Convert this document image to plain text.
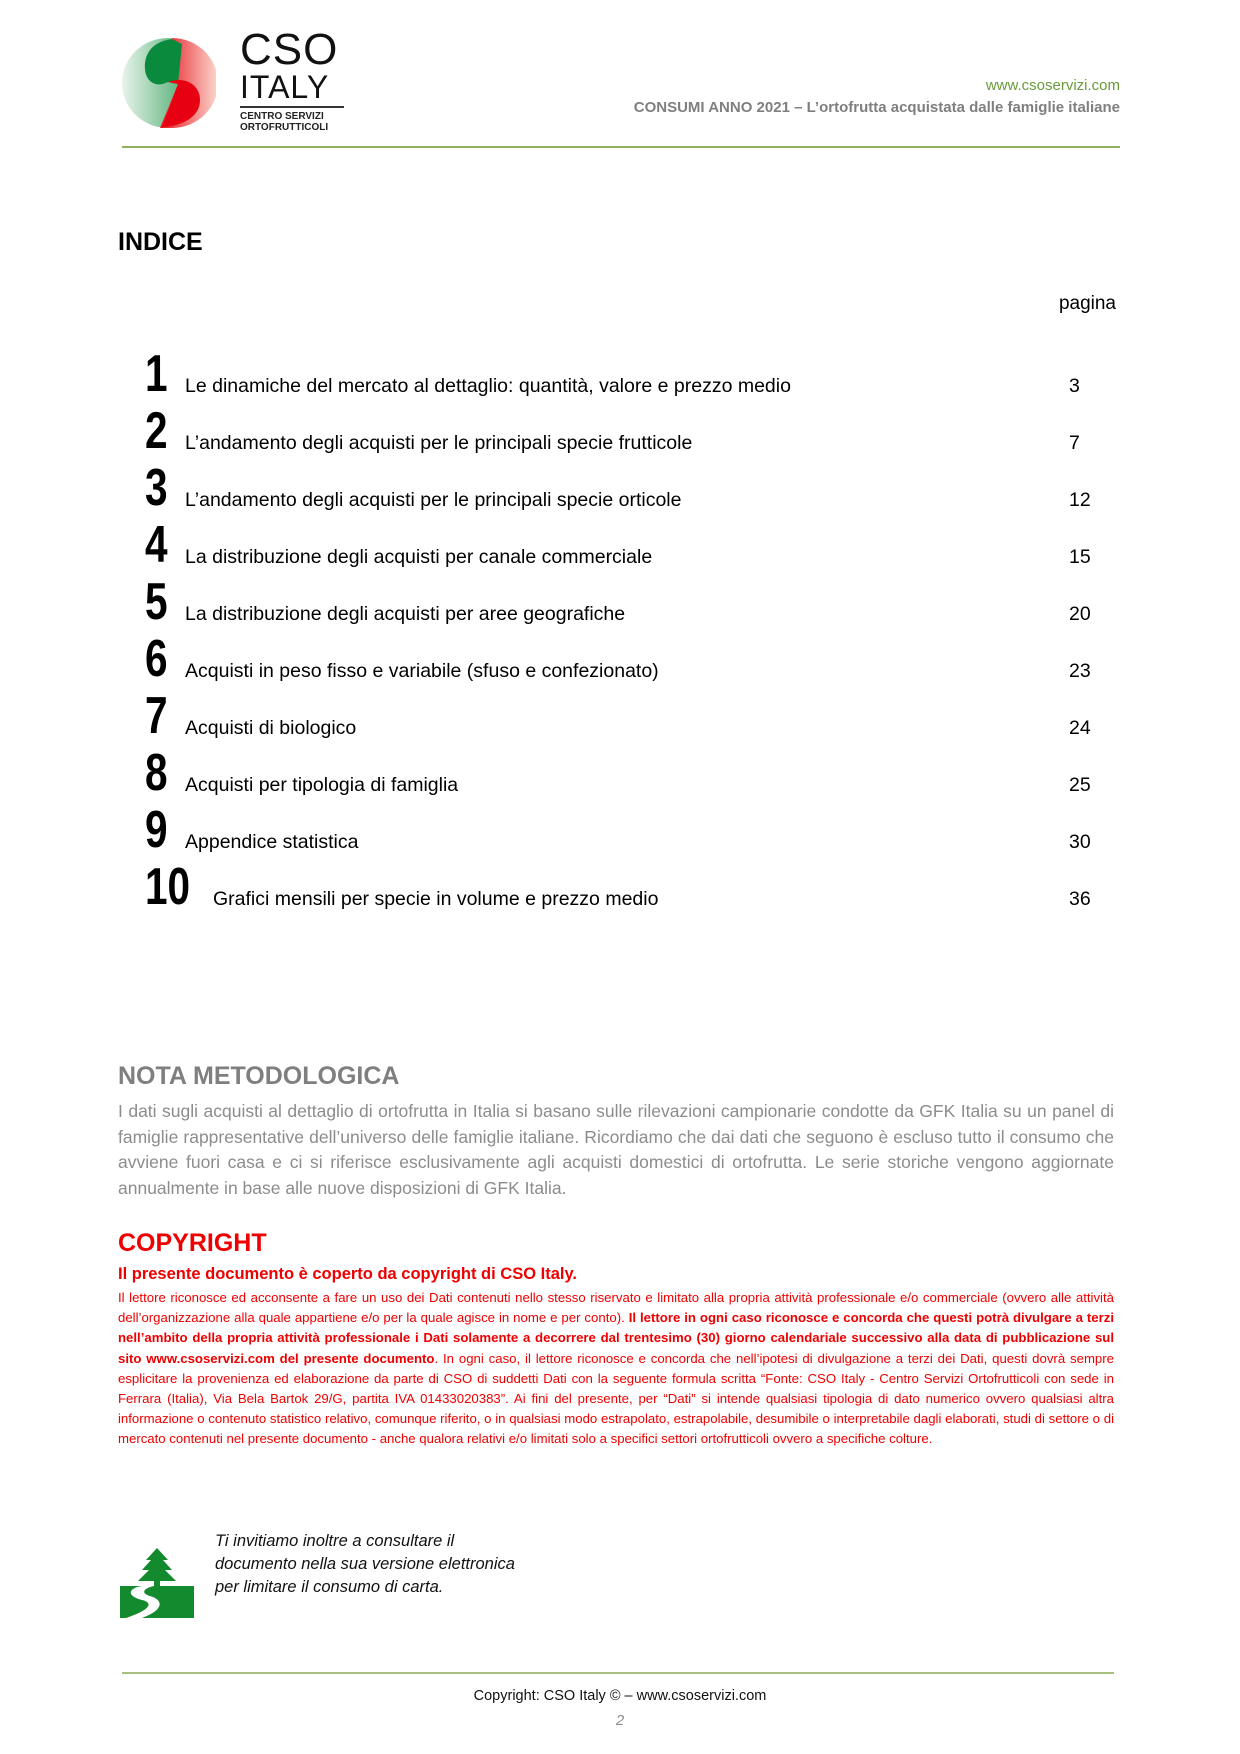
CSO
ITALY
CENTRO SERVIZI
ORTOFRUTTICOLI
www.csoservizi.com
CONSUMI ANNO 2021 – L’ortofrutta acquistata dalle famiglie italiane
INDICE
pagina
1 Le dinamiche del mercato al dettaglio: quantità, valore e prezzo medio	3
2 L’andamento degli acquisti per le principali specie frutticole	7
3 L’andamento degli acquisti per le principali specie orticole	12
4 La distribuzione degli acquisti per canale commerciale	15
5 La distribuzione degli acquisti per aree geografiche	20
6 Acquisti in peso fisso e variabile (sfuso e confezionato)	23
7 Acquisti di biologico	24
8 Acquisti per tipologia di famiglia	25
9 Appendice statistica	30
10 Grafici mensili per specie in volume e prezzo medio	36
NOTA METODOLOGICA
I dati sugli acquisti al dettaglio di ortofrutta in Italia si basano sulle rilevazioni campionarie condotte da GFK Italia su un panel di famiglie rappresentative dell’universo delle famiglie italiane. Ricordiamo che dai dati che seguono è escluso tutto il consumo che avviene fuori casa e ci si riferisce esclusivamente agli acquisti domestici di ortofrutta. Le serie storiche vengono aggiornate annualmente in base alle nuove disposizioni di GFK Italia.
COPYRIGHT
Il presente documento è coperto da copyright di CSO Italy.
Il lettore riconosce ed acconsente a fare un uso dei Dati contenuti nello stesso riservato e limitato alla propria attività professionale e/o commerciale (ovvero alle attività dell’organizzazione alla quale appartiene e/o per la quale agisce in nome e per conto). Il lettore in ogni caso riconosce e concorda che questi potrà divulgare a terzi nell’ambito della propria attività professionale i Dati solamente a decorrere dal trentesimo (30) giorno calendariale successivo alla data di pubblicazione sul sito www.csoservizi.com del presente documento. In ogni caso, il lettore riconosce e concorda che nell’ipotesi di divulgazione a terzi dei Dati, questi dovrà sempre esplicitare la provenienza ed elaborazione da parte di CSO di suddetti Dati con la seguente formula scritta “Fonte: CSO Italy - Centro Servizi Ortofrutticoli con sede in Ferrara (Italia), Via Bela Bartok 29/G, partita IVA 01433020383”. Ai fini del presente, per “Dati” si intende qualsiasi tipologia di dato numerico ovvero qualsiasi altra informazione o contenuto statistico relativo, comunque riferito, o in qualsiasi modo estrapolato, estrapolabile, desumibile o interpretabile dagli elaborati, studi di settore o di mercato contenuti nel presente documento - anche qualora relativi e/o limitati solo a specifici settori ortofrutticoli ovvero a specifiche colture.
Ti invitiamo inoltre a consultare il
documento nella sua versione elettronica
per limitare il consumo di carta.
Copyright: CSO Italy © – www.csoservizi.com
2
